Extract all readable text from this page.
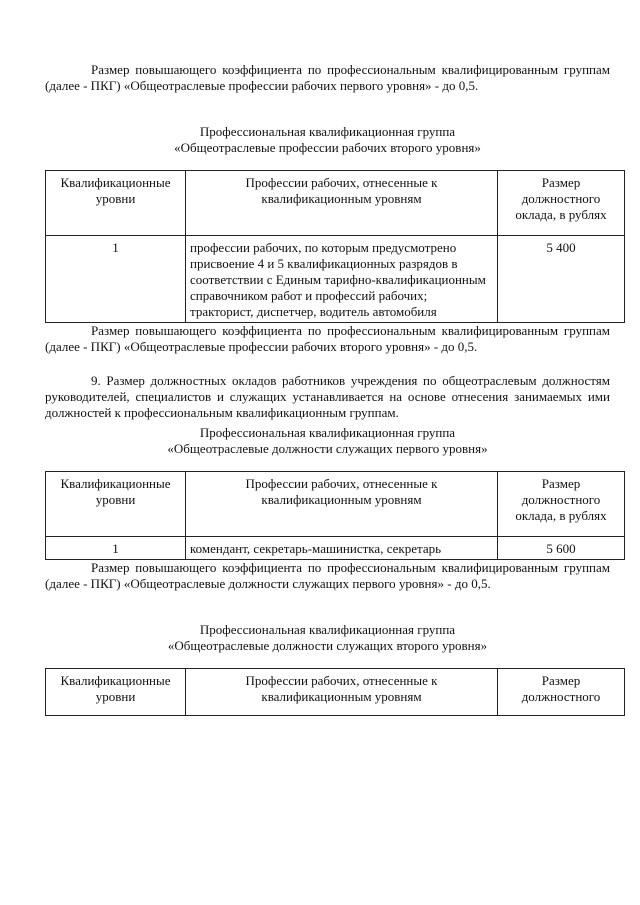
Размер повышающего коэффициента по профессиональным квалифицированным группам (далее - ПКГ) «Общеотраслевые профессии рабочих первого уровня» - до 0,5.

Профессиональная квалификационная группа

«Общеотраслевые профессии рабочих второго уровня»

Квалификационные уровни	Профессии рабочих, отнесенные к квалификационным уровням	Размер должностного оклада, в рублях
1	профессии рабочих, по которым предусмотрено присвоение 4 и 5 квалификационных разрядов в соответствии с Единым тарифно-квалификационным справочником работ и профессий рабочих; тракторист, диспетчер, водитель автомобиля	5 400

Размер повышающего коэффициента по профессиональным квалифицированным группам (далее - ПКГ) «Общеотраслевые профессии рабочих второго уровня» - до 0,5.

9. Размер должностных окладов работников учреждения по общеотраслевым должностям руководителей, специалистов и служащих устанавливается на основе отнесения занимаемых ими должностей к профессиональным квалификационным группам.

Профессиональная квалификационная группа

«Общеотраслевые должности служащих первого уровня»

Квалификационные уровни	Профессии рабочих, отнесенные к квалификационным уровням	Размер должностного оклада, в рублях
1	комендант, секретарь-машинистка, секретарь	5 600

Размер повышающего коэффициента по профессиональным квалифицированным группам (далее - ПКГ) «Общеотраслевые должности служащих первого уровня» - до 0,5.

Профессиональная квалификационная группа

«Общеотраслевые должности служащих второго уровня»

Квалификационные уровни	Профессии рабочих, отнесенные к квалификационным уровням	Размер должностного
